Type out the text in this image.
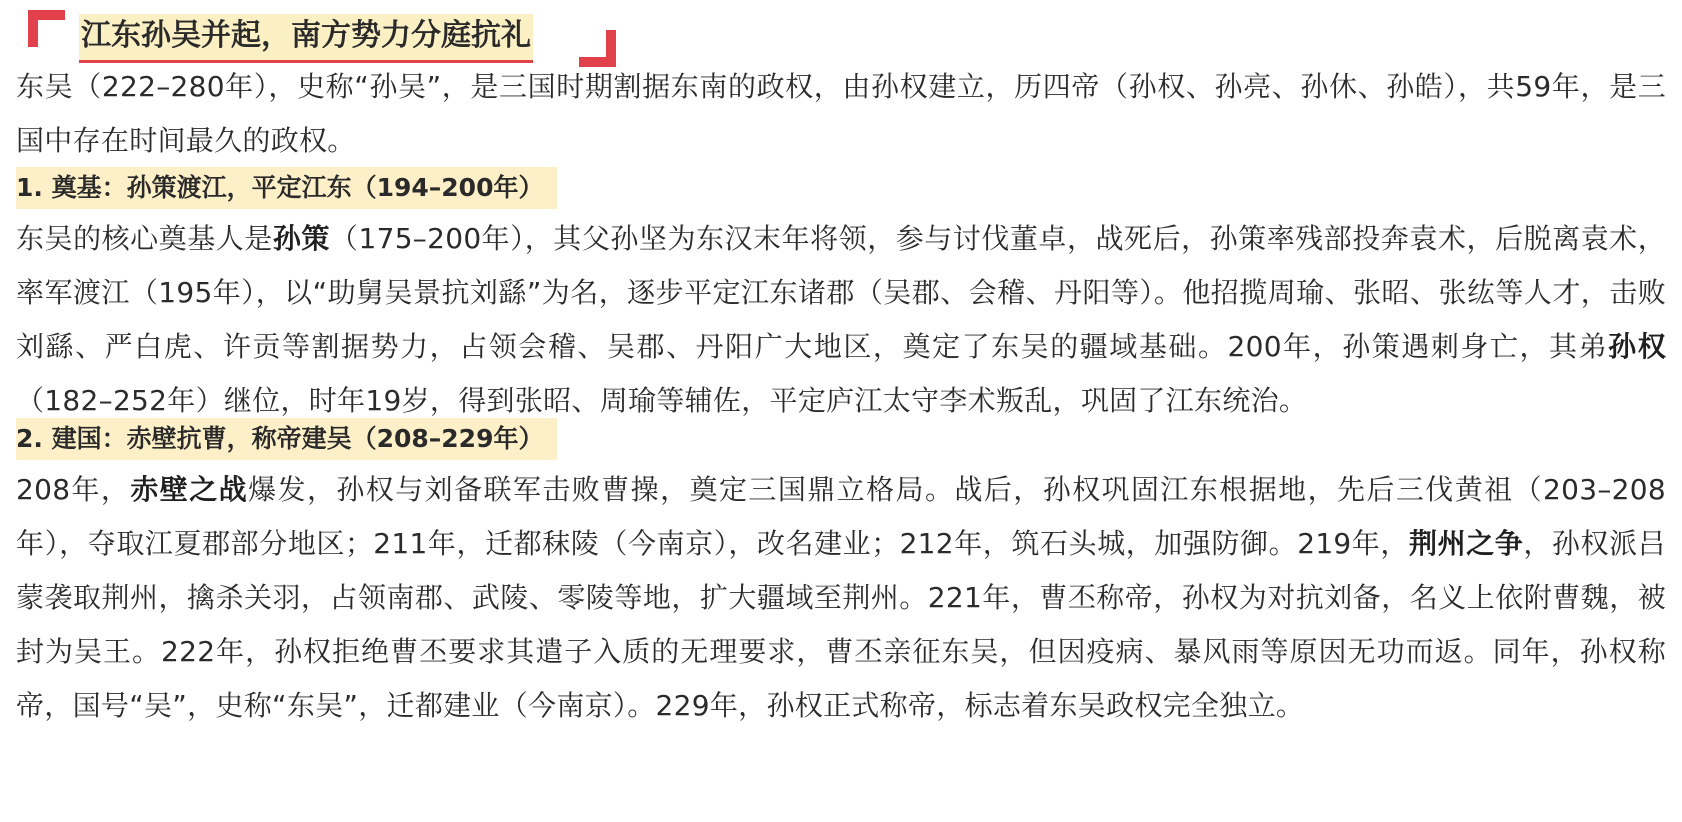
江东孙吴并起，南方势力分庭抗礼

东吴（222–280年），史称“孙吴”，是三国时期割据东南的政权，由孙权建立，历四帝（孙权、孙亮、孙休、孙皓），共59年，是三国中存在时间最久的政权。

1. 奠基：孙策渡江，平定江东（194–200年）

东吴的核心奠基人是孙策（175–200年），其父孙坚为东汉末年将领，参与讨伐董卓，战死后，孙策率残部投奔袁术，后脱离袁术，率军渡江（195年），以“助舅吴景抗刘繇”为名，逐步平定江东诸郡（吴郡、会稽、丹阳等）。他招揽周瑜、张昭、张纮等人才，击败刘繇、严白虎、许贡等割据势力，占领会稽、吴郡、丹阳广大地区，奠定了东吴的疆域基础。200年，孙策遇刺身亡，其弟孙权（182–252年）继位，时年19岁，得到张昭、周瑜等辅佐，平定庐江太守李术叛乱，巩固了江东统治。

2. 建国：赤壁抗曹，称帝建吴（208–229年）

208年，赤壁之战爆发，孙权与刘备联军击败曹操，奠定三国鼎立格局。战后，孙权巩固江东根据地，先后三伐黄祖（203–208年），夺取江夏郡部分地区；211年，迁都秣陵（今南京），改名建业；212年，筑石头城，加强防御。219年，荆州之争，孙权派吕蒙袭取荆州，擒杀关羽，占领南郡、武陵、零陵等地，扩大疆域至荆州。221年，曹丕称帝，孙权为对抗刘备，名义上依附曹魏，被封为吴王。222年，孙权拒绝曹丕要求其遣子入质的无理要求，曹丕亲征东吴，但因疫病、暴风雨等原因无功而返。同年，孙权称帝，国号“吴”，史称“东吴”，迁都建业（今南京）。229年，孙权正式称帝，标志着东吴政权完全独立。
